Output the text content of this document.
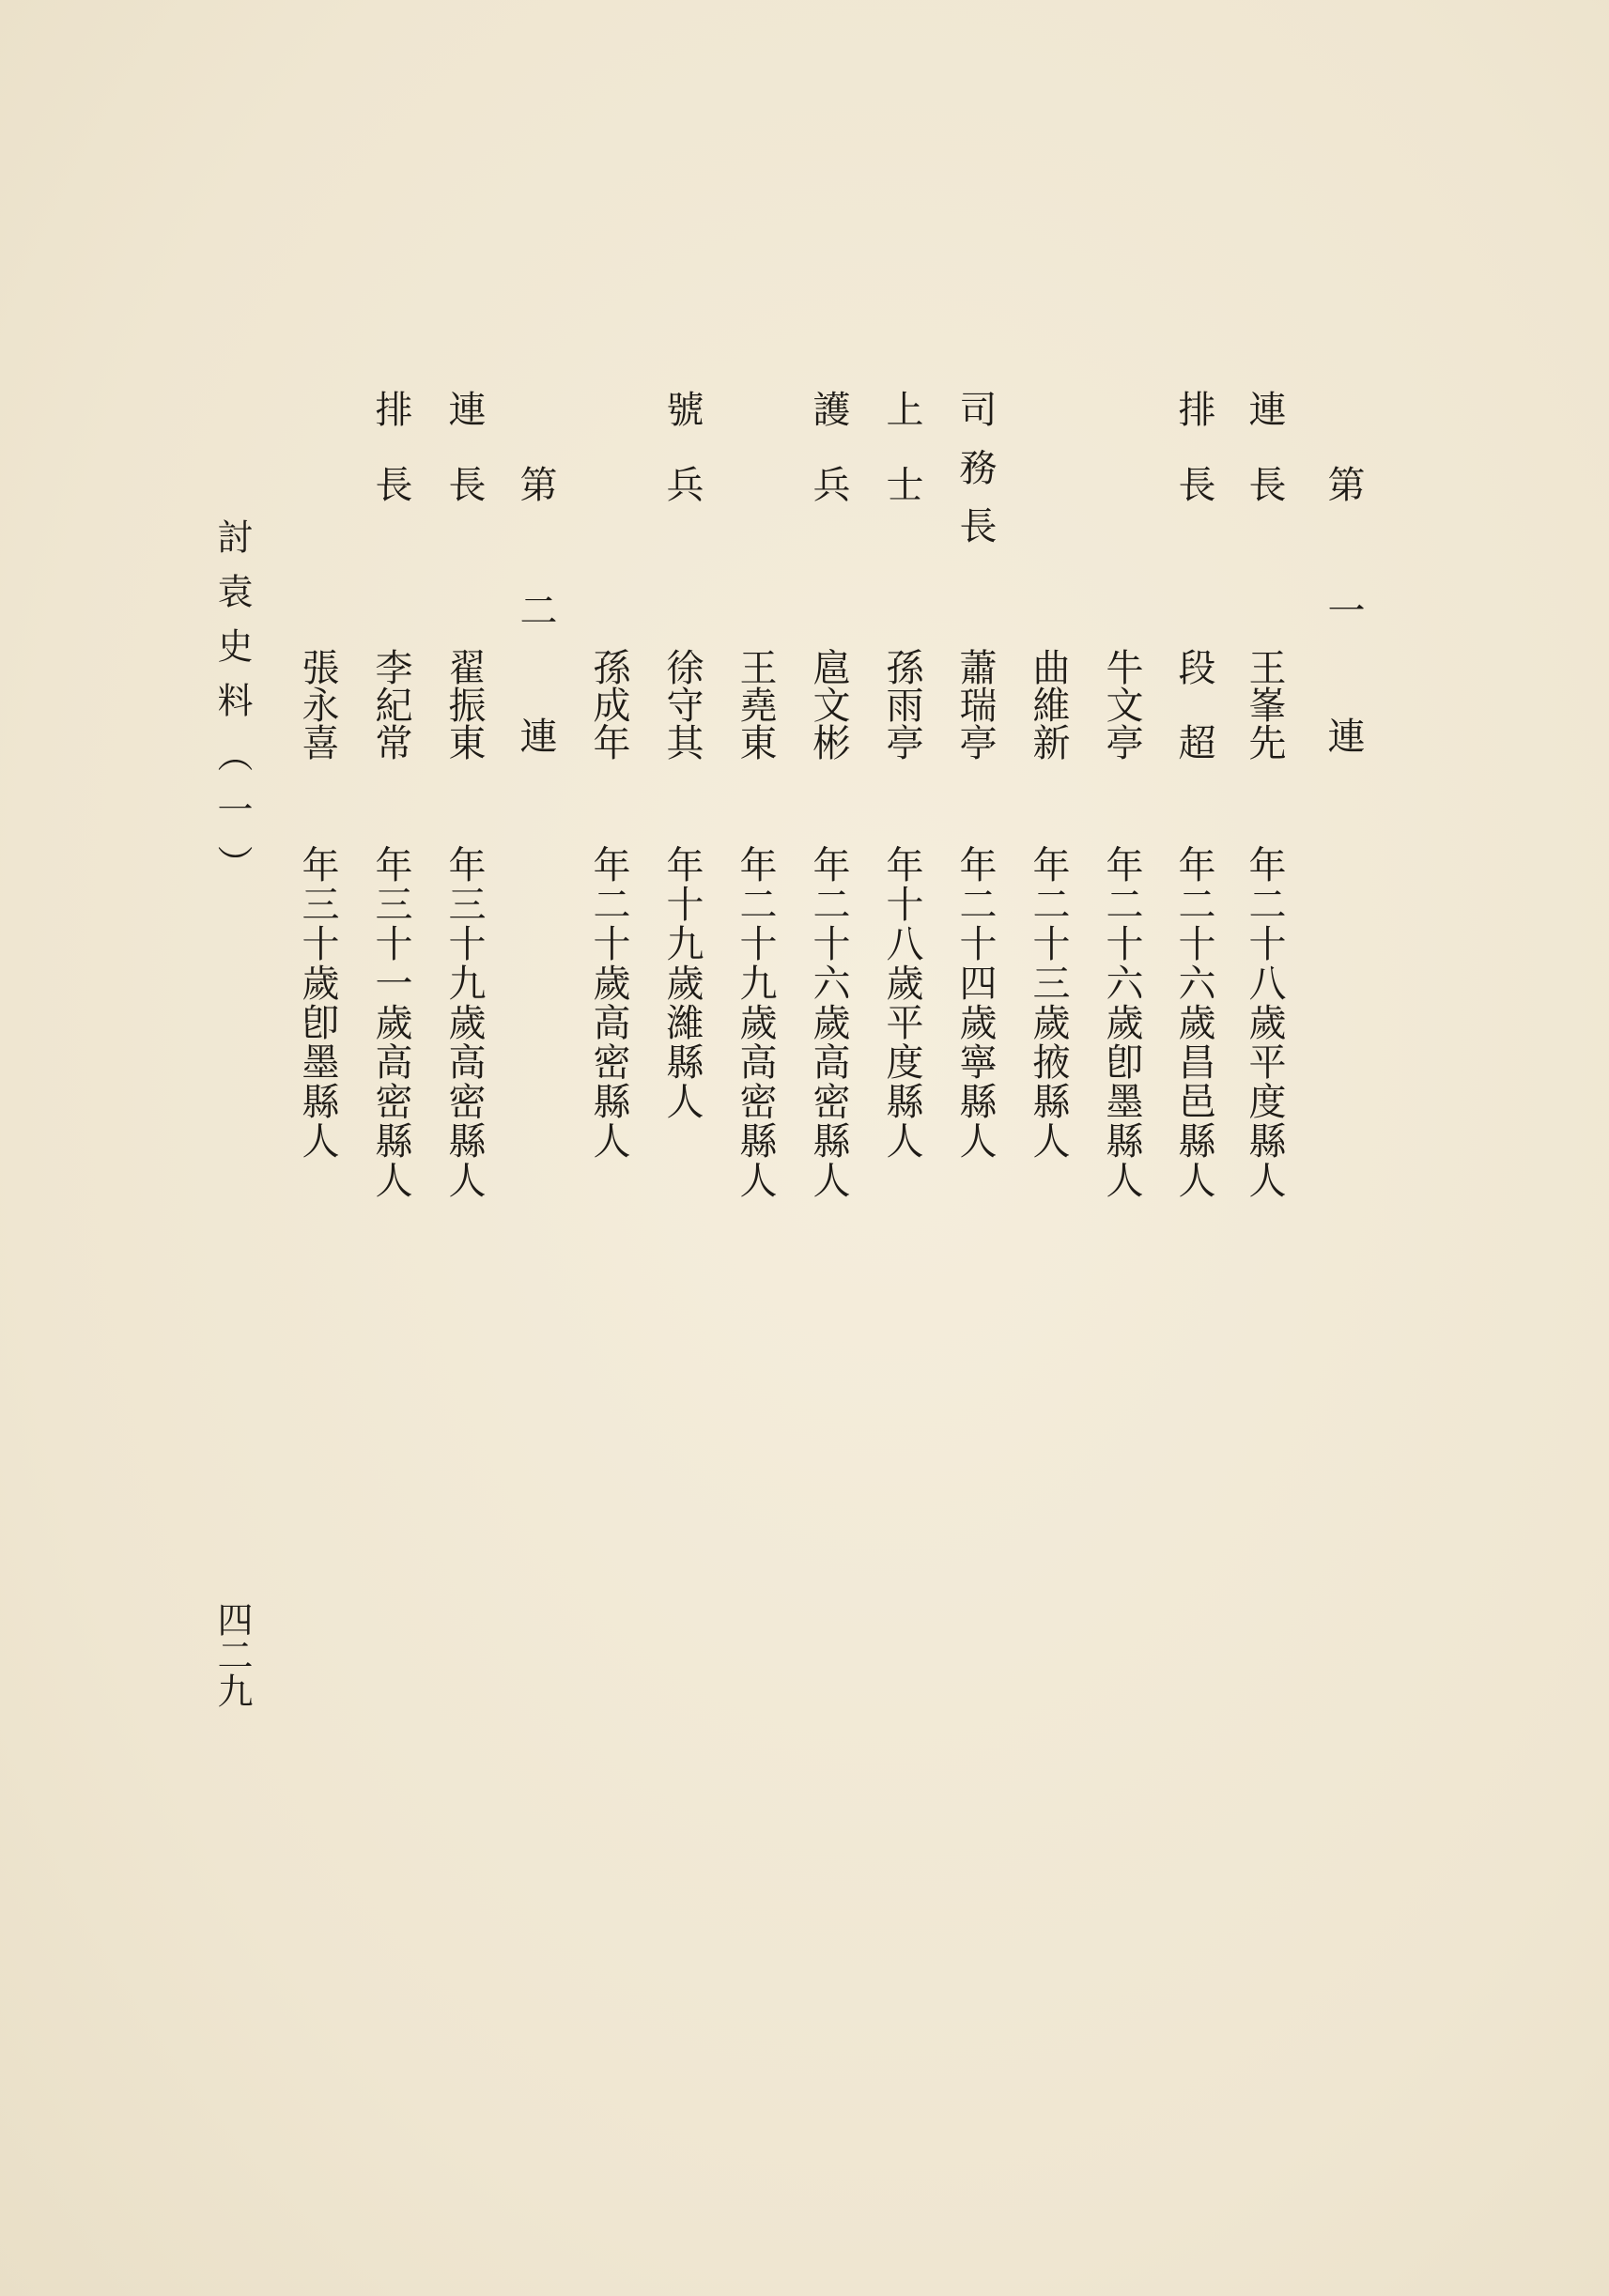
第 一 連
連　長
王峯先
年二十八歲平度縣人
排　長
段　超
年二十六歲昌邑縣人
牛文亭
年二十六歲卽墨縣人
曲維新
年二十三歲掖縣人
司務長
蕭瑞亭
年二十四歲寧縣人
上　士
孫雨亭
年十八歲平度縣人
護　兵
扈文彬
年二十六歲高密縣人
王堯東
年二十九歲高密縣人
號　兵
徐守其
年十九歲濰縣人
孫成年
年二十歲高密縣人
第 二 連
連　長
翟振東
年三十九歲高密縣人
排　長
李紀常
年三十一歲高密縣人
張永喜
年三十歲卽墨縣人
討袁史料（一）
四二九
